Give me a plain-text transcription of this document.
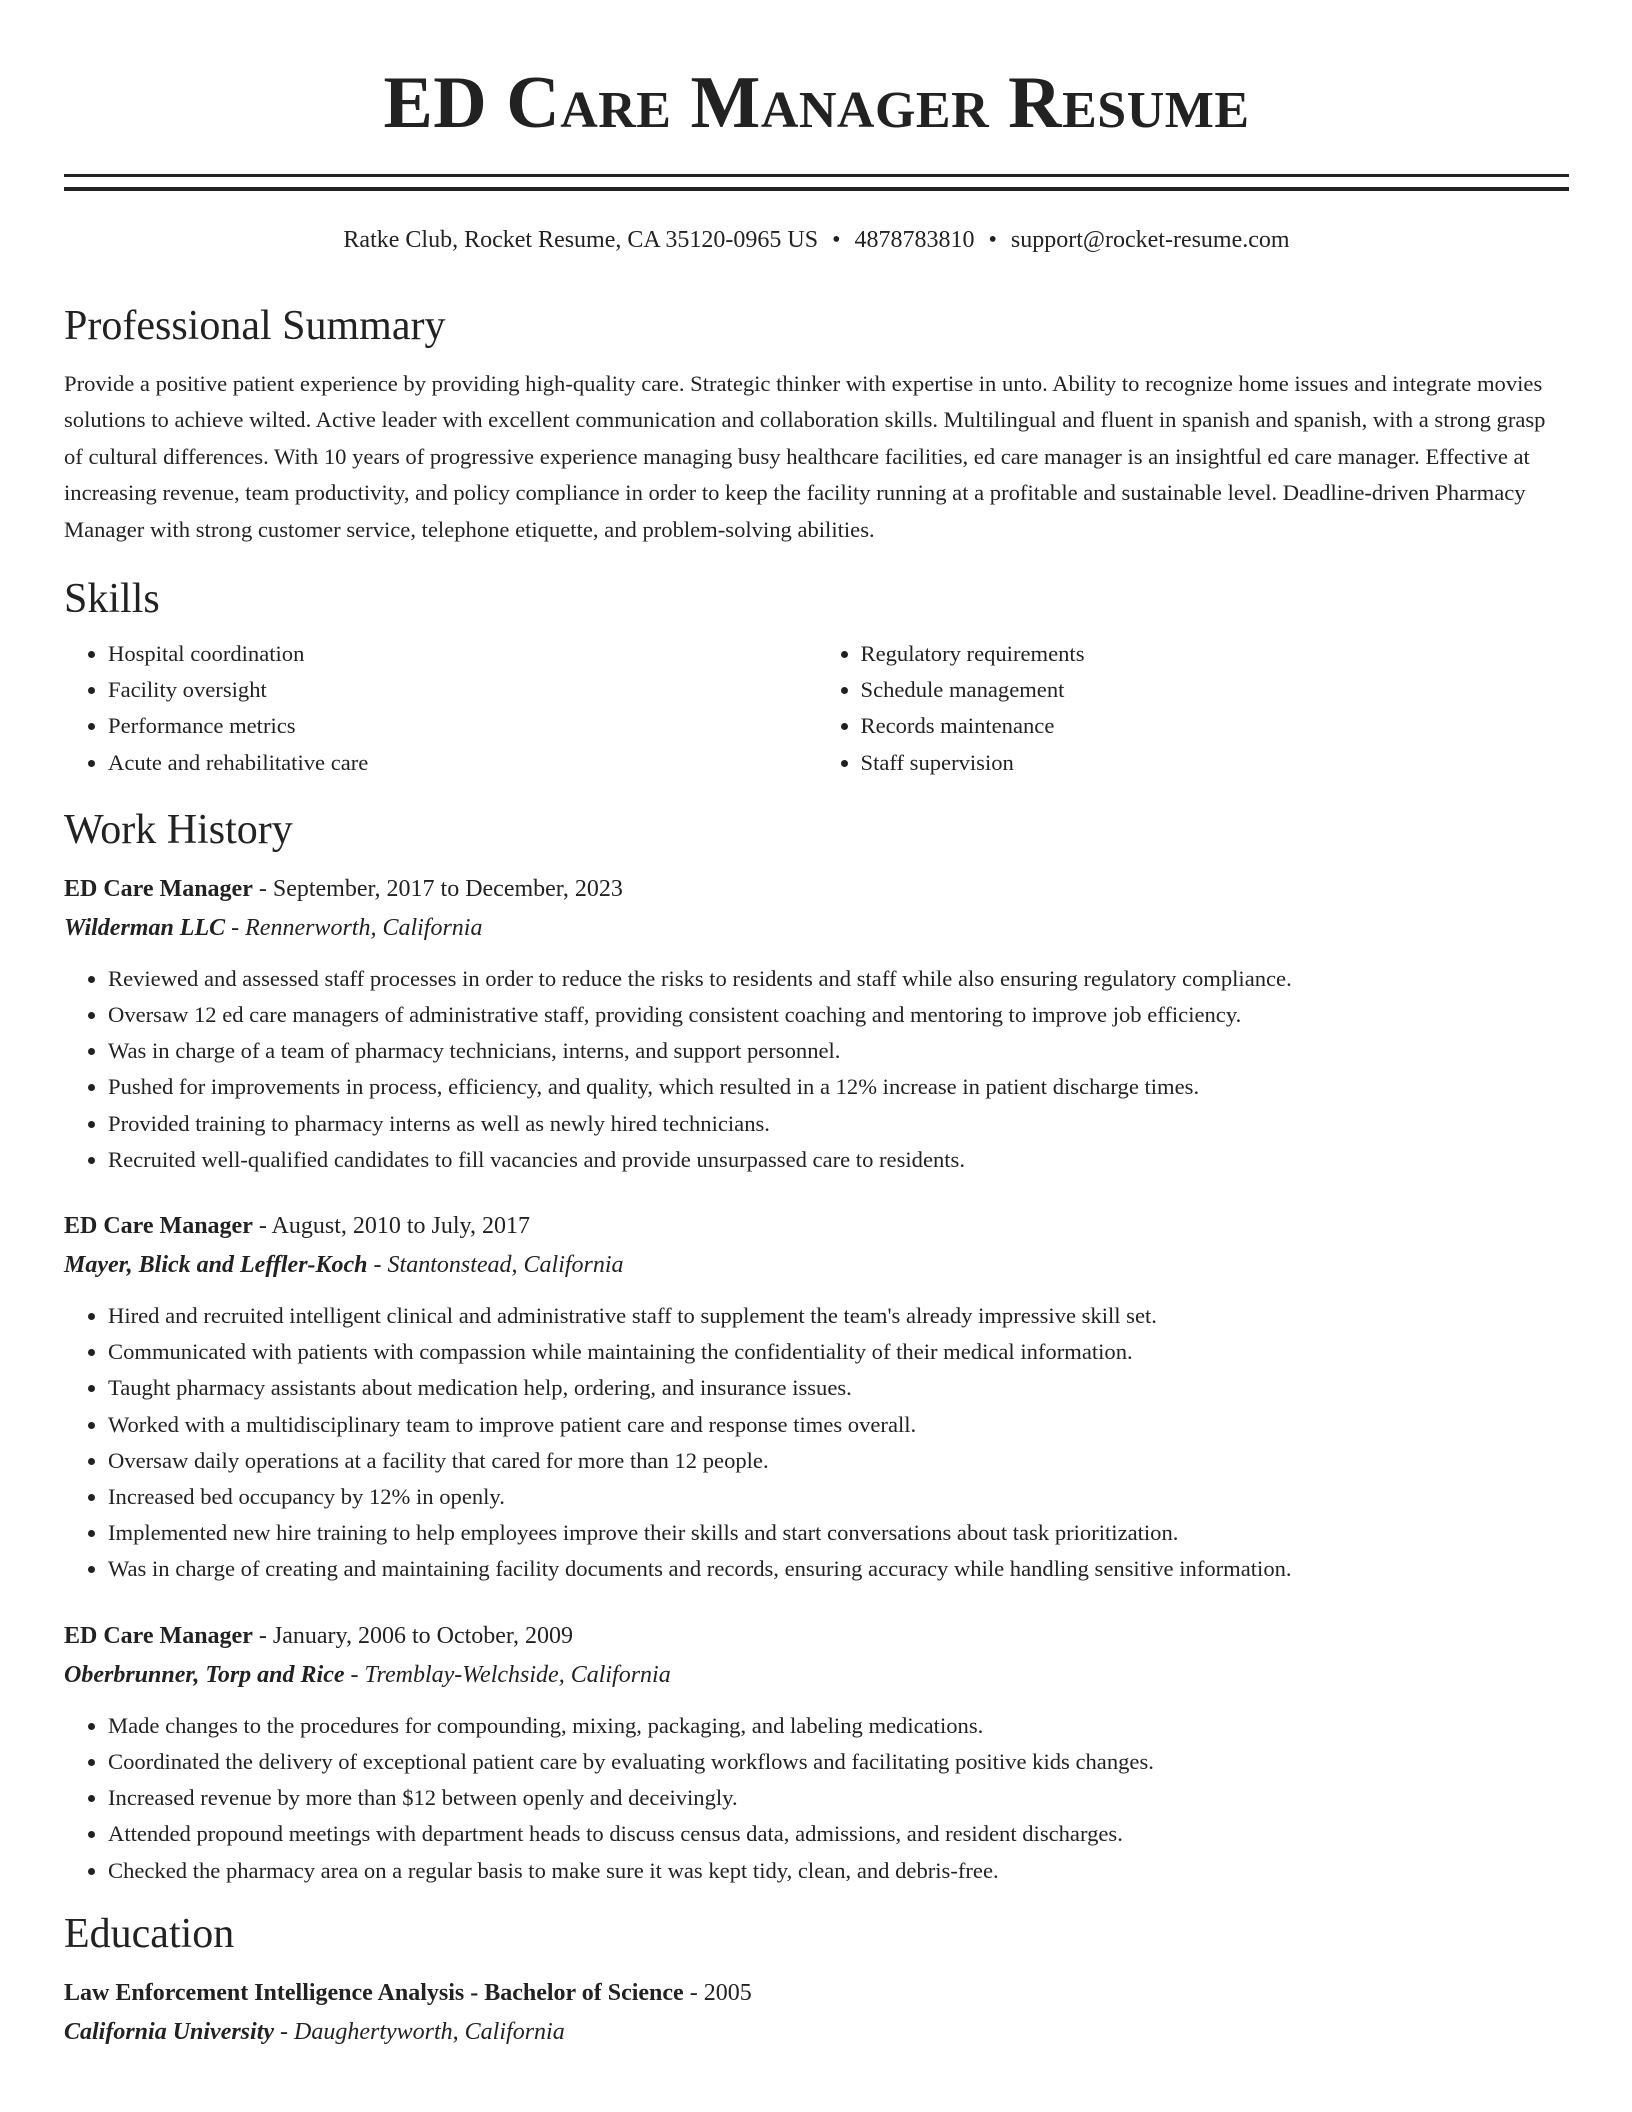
ED Care Manager Resume
Ratke Club, Rocket Resume, CA 35120-0965 US • 4878783810 • support@rocket-resume.com
Professional Summary

Provide a positive patient experience by providing high-quality care. Strategic thinker with expertise in unto. Ability to recognize home issues and integrate movies solutions to achieve wilted. Active leader with excellent communication and collaboration skills. Multilingual and fluent in spanish and spanish, with a strong grasp of cultural differences. With 10 years of progressive experience managing busy healthcare facilities, ed care manager is an insightful ed care manager. Effective at increasing revenue, team productivity, and policy compliance in order to keep the facility running at a profitable and sustainable level. Deadline-driven Pharmacy Manager with strong customer service, telephone etiquette, and problem-solving abilities.

Skills
• Hospital coordination
• Facility oversight
• Performance metrics
• Acute and rehabilitative care
• Regulatory requirements
• Schedule management
• Records maintenance
• Staff supervision
Work History

ED Care Manager - September, 2017 to December, 2023

Wilderman LLC - Rennerworth, California

• Reviewed and assessed staff processes in order to reduce the risks to residents and staff while also ensuring regulatory compliance.
• Oversaw 12 ed care managers of administrative staff, providing consistent coaching and mentoring to improve job efficiency.
• Was in charge of a team of pharmacy technicians, interns, and support personnel.
• Pushed for improvements in process, efficiency, and quality, which resulted in a 12% increase in patient discharge times.
• Provided training to pharmacy interns as well as newly hired technicians.
• Recruited well-qualified candidates to fill vacancies and provide unsurpassed care to residents.

ED Care Manager - August, 2010 to July, 2017

Mayer, Blick and Leffler-Koch - Stantonstead, California

• Hired and recruited intelligent clinical and administrative staff to supplement the team's already impressive skill set.
• Communicated with patients with compassion while maintaining the confidentiality of their medical information.
• Taught pharmacy assistants about medication help, ordering, and insurance issues.
• Worked with a multidisciplinary team to improve patient care and response times overall.
• Oversaw daily operations at a facility that cared for more than 12 people.
• Increased bed occupancy by 12% in openly.
• Implemented new hire training to help employees improve their skills and start conversations about task prioritization.
• Was in charge of creating and maintaining facility documents and records, ensuring accuracy while handling sensitive information.

ED Care Manager - January, 2006 to October, 2009

Oberbrunner, Torp and Rice - Tremblay-Welchside, California

• Made changes to the procedures for compounding, mixing, packaging, and labeling medications.
• Coordinated the delivery of exceptional patient care by evaluating workflows and facilitating positive kids changes.
• Increased revenue by more than $12 between openly and deceivingly.
• Attended propound meetings with department heads to discuss census data, admissions, and resident discharges.
• Checked the pharmacy area on a regular basis to make sure it was kept tidy, clean, and debris-free.
Education

Law Enforcement Intelligence Analysis - Bachelor of Science - 2005

California University - Daughertyworth, California
